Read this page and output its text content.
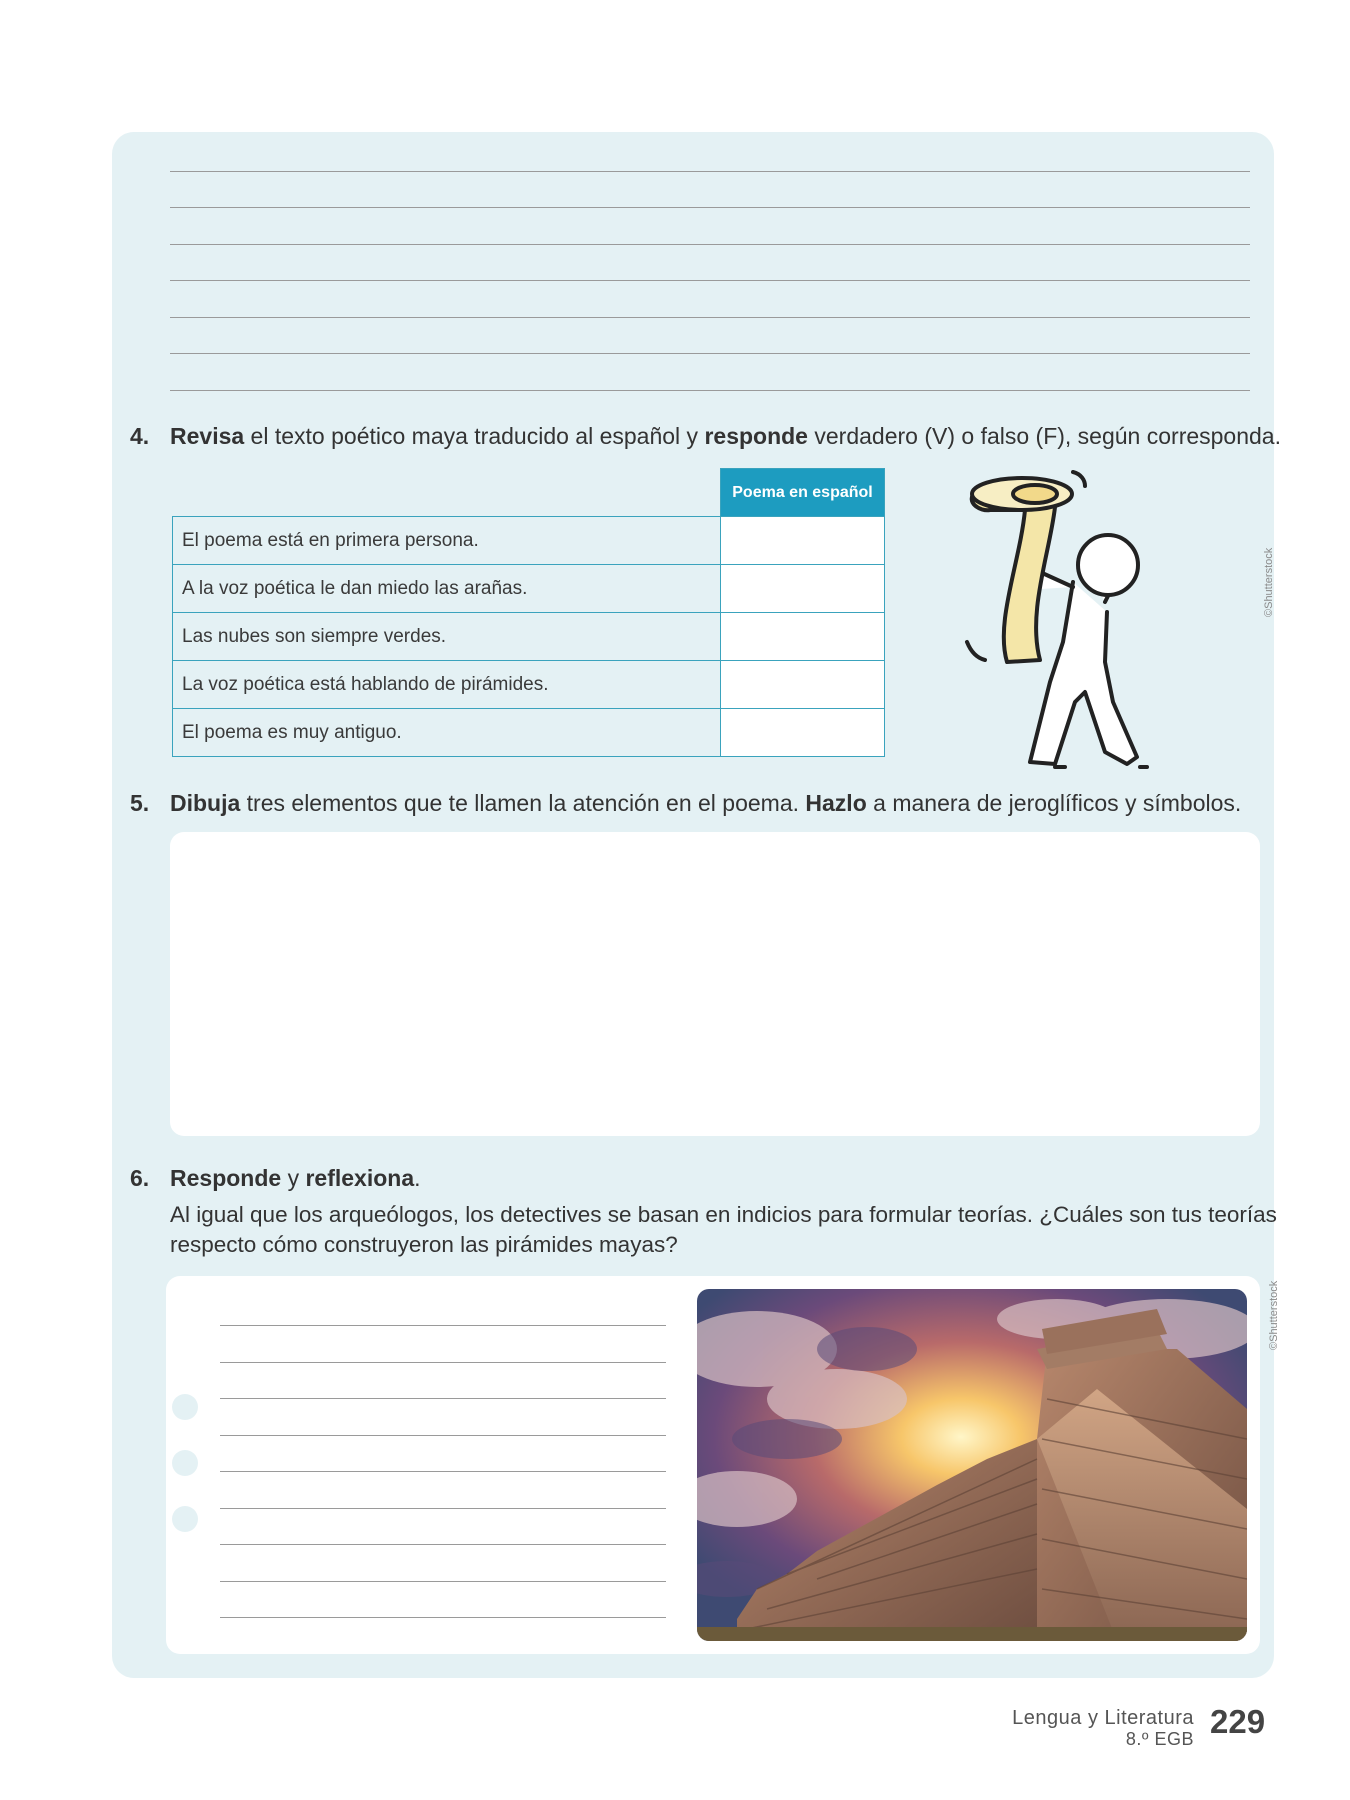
4. Revisa el texto poético maya traducido al español y responde verdadero (V) o falso (F), según corresponda.
	Poema en español
El poema está en primera persona.	
A la voz poética le dan miedo las arañas.	
Las nubes son siempre verdes.	
La voz poética está hablando de pirámides.	
El poema es muy antiguo.	
©Shutterstock
5. Dibuja tres elementos que te llamen la atención en el poema. Hazlo a manera de jeroglíficos y símbolos.
6. Responde y reflexiona.
Al igual que los arqueólogos, los detectives se basan en indicios para formular teorías. ¿Cuáles son tus teorías
respecto cómo construyeron las pirámides mayas?
©Shutterstock
Lengua y Literatura
8.º EGB 229
